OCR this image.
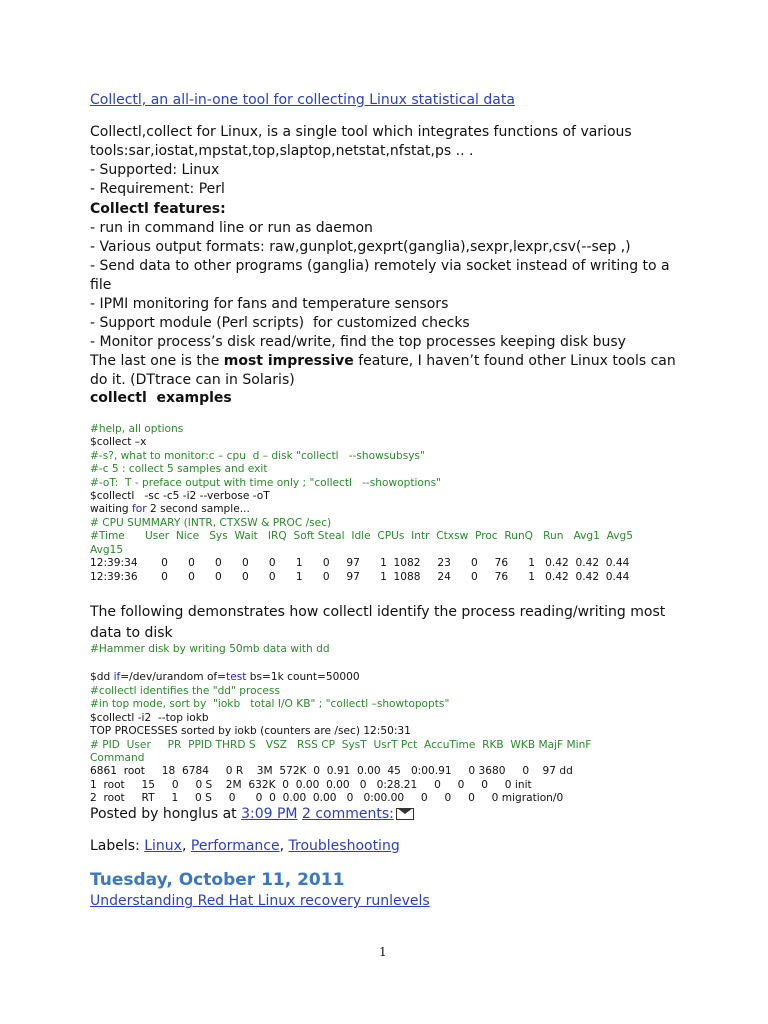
Collectl, an all-in-one tool for collecting Linux statistical data
Collectl,collect for Linux, is a single tool which integrates functions of various
tools:sar,iostat,mpstat,top,slaptop,netstat,nfstat,ps .. .
- Supported: Linux
- Requirement: Perl
Collectl features:
- run in command line or run as daemon
- Various output formats: raw,gunplot,gexprt(ganglia),sexpr,lexpr,csv(--sep ,)
- Send data to other programs (ganglia) remotely via socket instead of writing to a
file
- IPMI monitoring for fans and temperature sensors
- Support module (Perl scripts)  for customized checks
- Monitor process’s disk read/write, find the top processes keeping disk busy
The last one is the most impressive feature, I haven’t found other Linux tools can
do it. (DTtrace can in Solaris)
collectl  examples
#help, all options
$collect –x
#-s?, what to monitor:c – cpu  d – disk "collectl   --showsubsys"
#-c 5 : collect 5 samples and exit
#-oT:  T - preface output with time only ; "collectl   --showoptions"
$collectl   -sc -c5 -i2 --verbose -oT
waiting for 2 second sample...
# CPU SUMMARY (INTR, CTXSW & PROC /sec)
#Time      User  Nice   Sys  Wait   IRQ  Soft Steal  Idle  CPUs  Intr  Ctxsw  Proc  RunQ   Run   Avg1  Avg5
Avg15
12:39:34       0      0      0      0      0      1      0     97      1  1082     23      0     76      1   0.42  0.42  0.44
12:39:36       0      0      0      0      0      1      0     97      1  1088     24      0     76      1   0.42  0.42  0.44
The following demonstrates how collectl identify the process reading/writing most
data to disk
#Hammer disk by writing 50mb data with dd
$dd if=/dev/urandom of=test bs=1k count=50000
#collectl identifies the "dd" process
#in top mode, sort by  "iokb   total I/O KB" ; "collectl –showtopopts"
$collectl -i2  --top iokb
TOP PROCESSES sorted by iokb (counters are /sec) 12:50:31
# PID  User     PR  PPID THRD S   VSZ   RSS CP  SysT  UsrT Pct  AccuTime  RKB  WKB MajF MinF
Command
6861  root     18  6784     0 R    3M  572K  0  0.91  0.00  45   0:00.91     0 3680     0    97 dd
1  root     15     0     0 S    2M  632K  0  0.00  0.00   0   0:28.21     0     0     0     0 init
2  root     RT     1     0 S     0      0  0  0.00  0.00   0   0:00.00     0     0     0     0 migration/0
Posted by honglus at 3:09 PM 2 comments:
Labels: Linux, Performance, Troubleshooting
Tuesday, October 11, 2011
Understanding Red Hat Linux recovery runlevels
1
